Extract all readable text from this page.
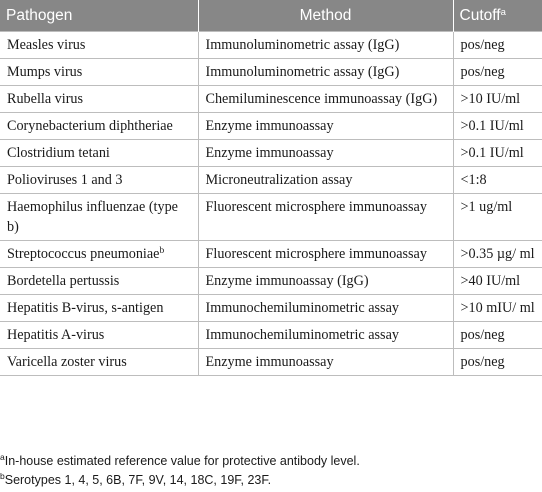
Pathogen	Method	Cutoff$^a$
Measles virus	Immunoluminometric assay (IgG)	pos/neg
Mumps virus	Immunoluminometric assay (IgG)	pos/neg
Rubella virus	Chemiluminescence immunoassay (IgG)	>10 IU/ml
Corynebacterium diphtheriae	Enzyme immunoassay	>0.1 IU/ml
Clostridium tetani	Enzyme immunoassay	>0.1 IU/ml
Polioviruses 1 and 3	Microneutralization assay	<1:8
Haemophilus influenzae (type b)	Fluorescent microsphere immunoassay	>1 ug/ml
Streptococcus pneumoniae$^b$	Fluorescent microsphere immunoassay	>0.35 µg/ ml
Bordetella pertussis	Enzyme immunoassay (IgG)	>40 IU/ml
Hepatitis B-virus, s-antigen	Immunochemiluminometric assay	>10 mIU/ ml
Hepatitis A-virus	Immunochemiluminometric assay	pos/neg
Varicella zoster virus	Enzyme immunoassay	pos/neg
$^a$In-house estimated reference value for protective antibody level.
$^b$Serotypes 1, 4, 5, 6B, 7F, 9V, 14, 18C, 19F, 23F.
